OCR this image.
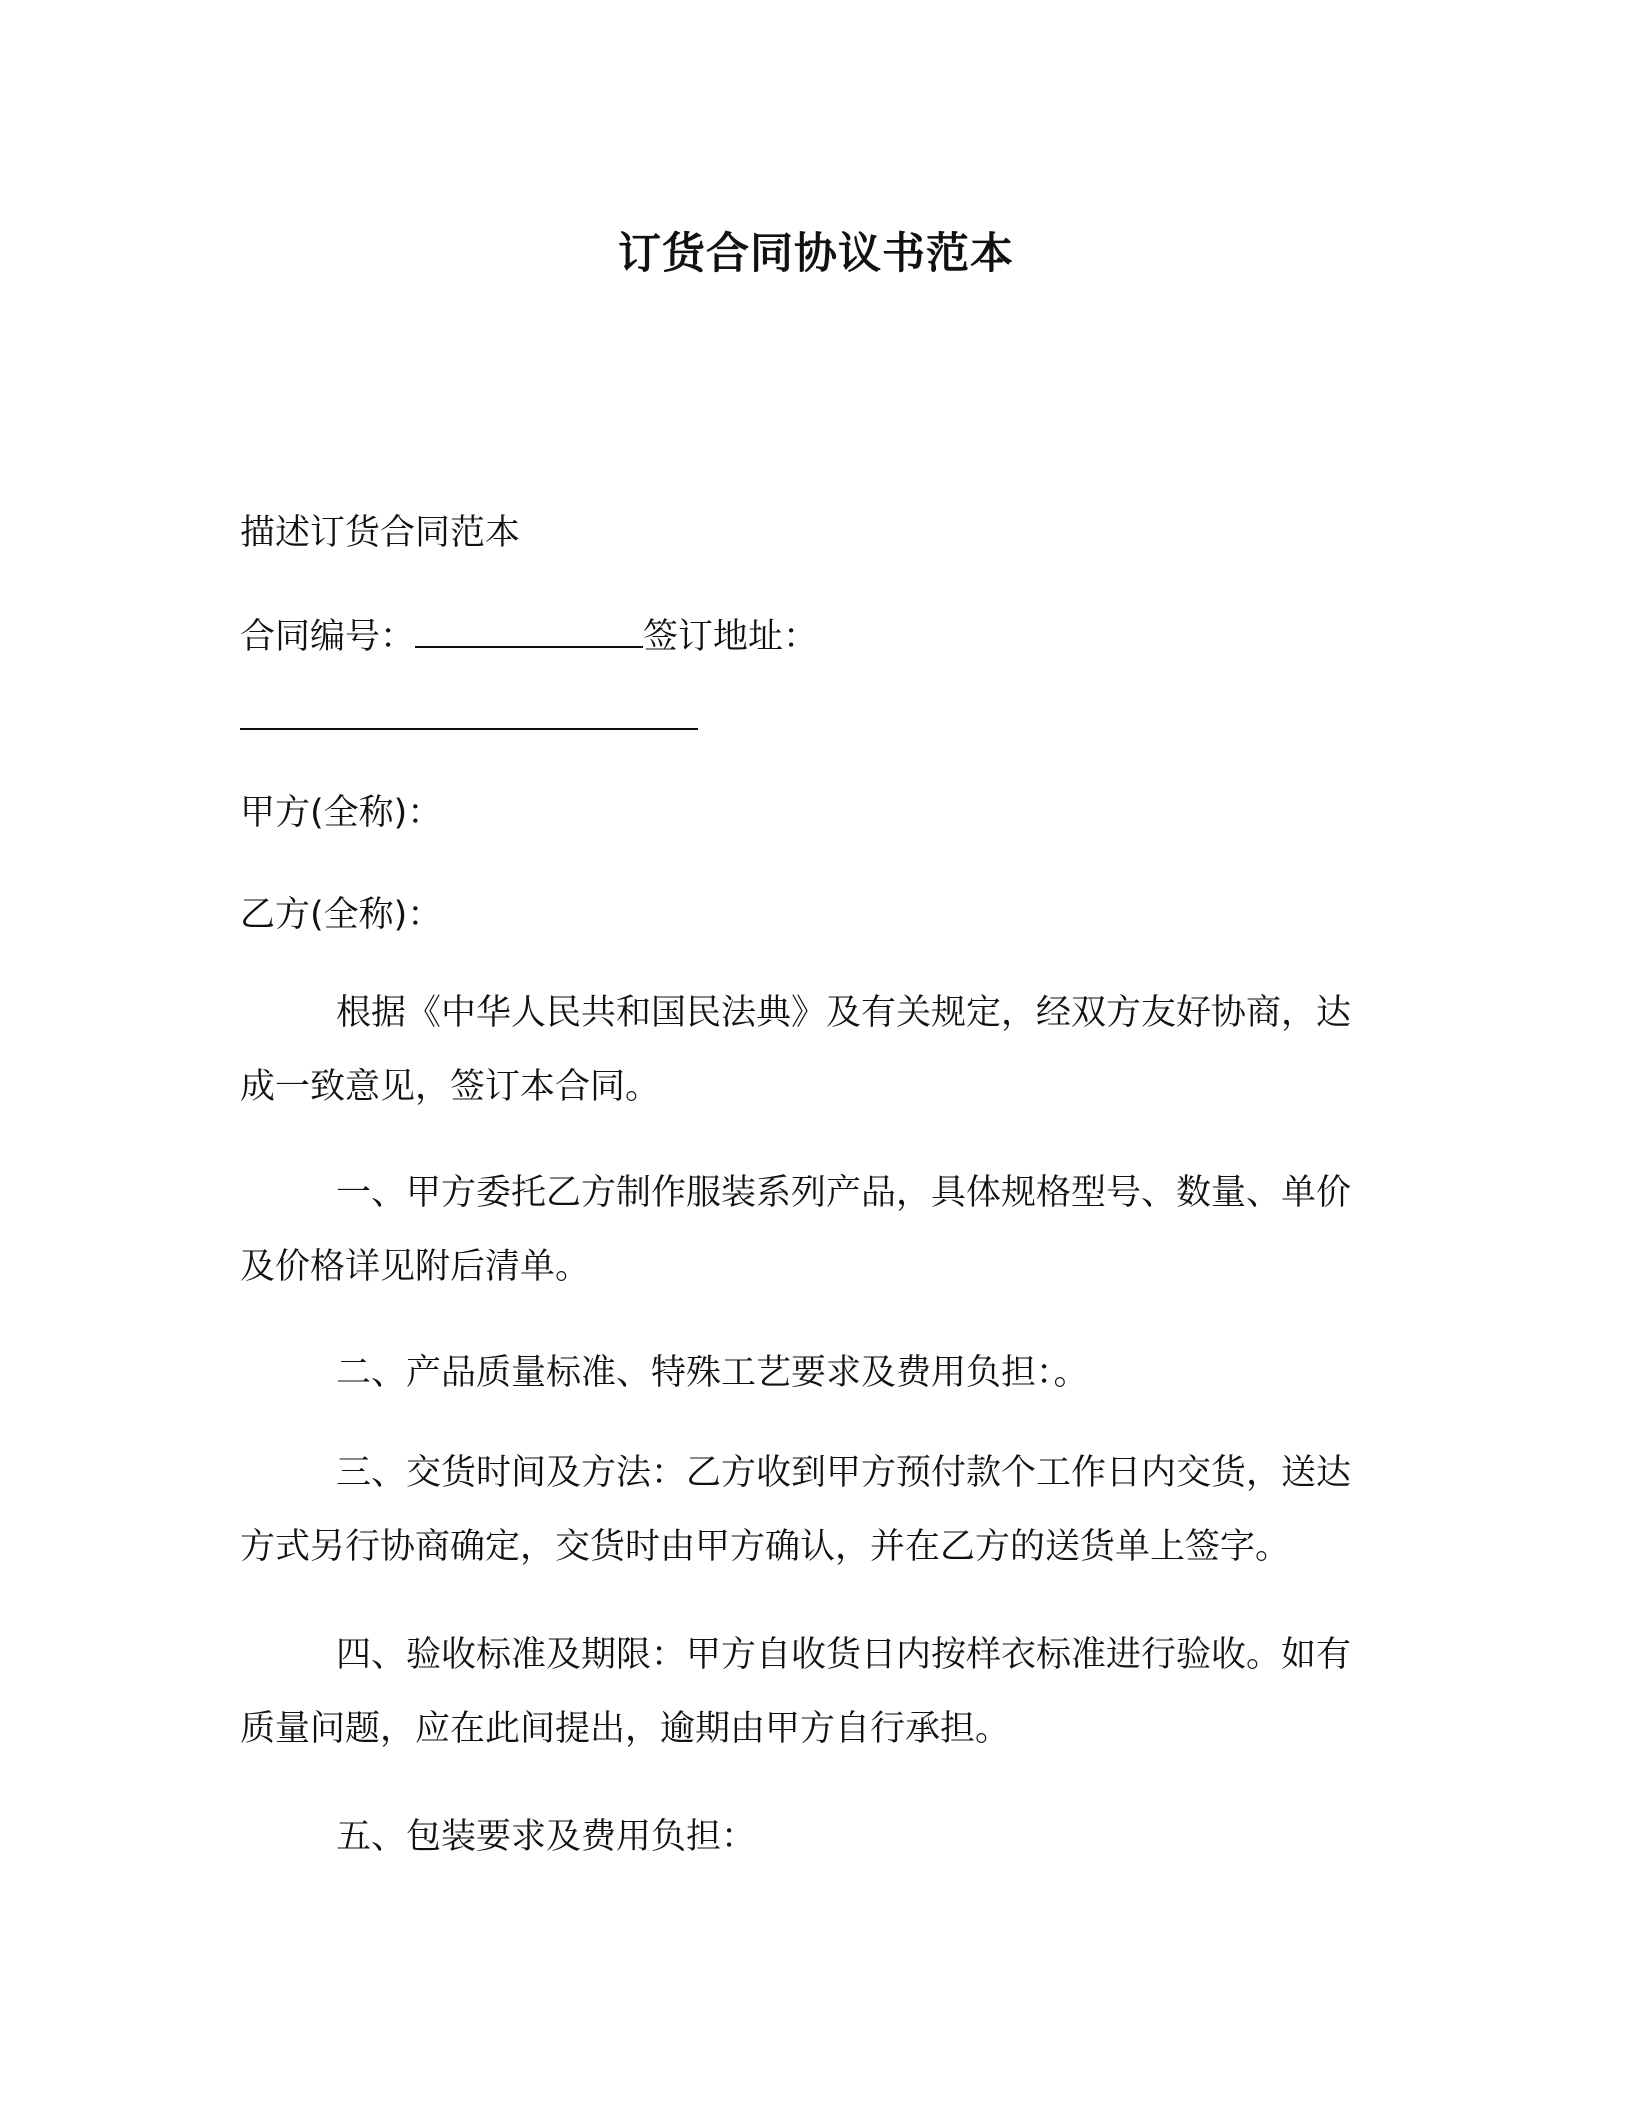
订货合同协议书范本
描述订货合同范本
合同编号：	签订地址：
甲方(全称)：
乙方(全称)：

根据《中华人民共和国民法典》及有关规定，经双方友好协商，达成一致意见，签订本合同。

一、甲方委托乙方制作服装系列产品，具体规格型号、数量、单价及价格详见附后清单。

二、产品质量标准、特殊工艺要求及费用负担：。

三、交货时间及方法：乙方收到甲方预付款个工作日内交货，送达方式另行协商确定，交货时由甲方确认，并在乙方的送货单上签字。

四、验收标准及期限：甲方自收货日内按样衣标准进行验收。如有质量问题，应在此间提出，逾期由甲方自行承担。

五、包装要求及费用负担：
